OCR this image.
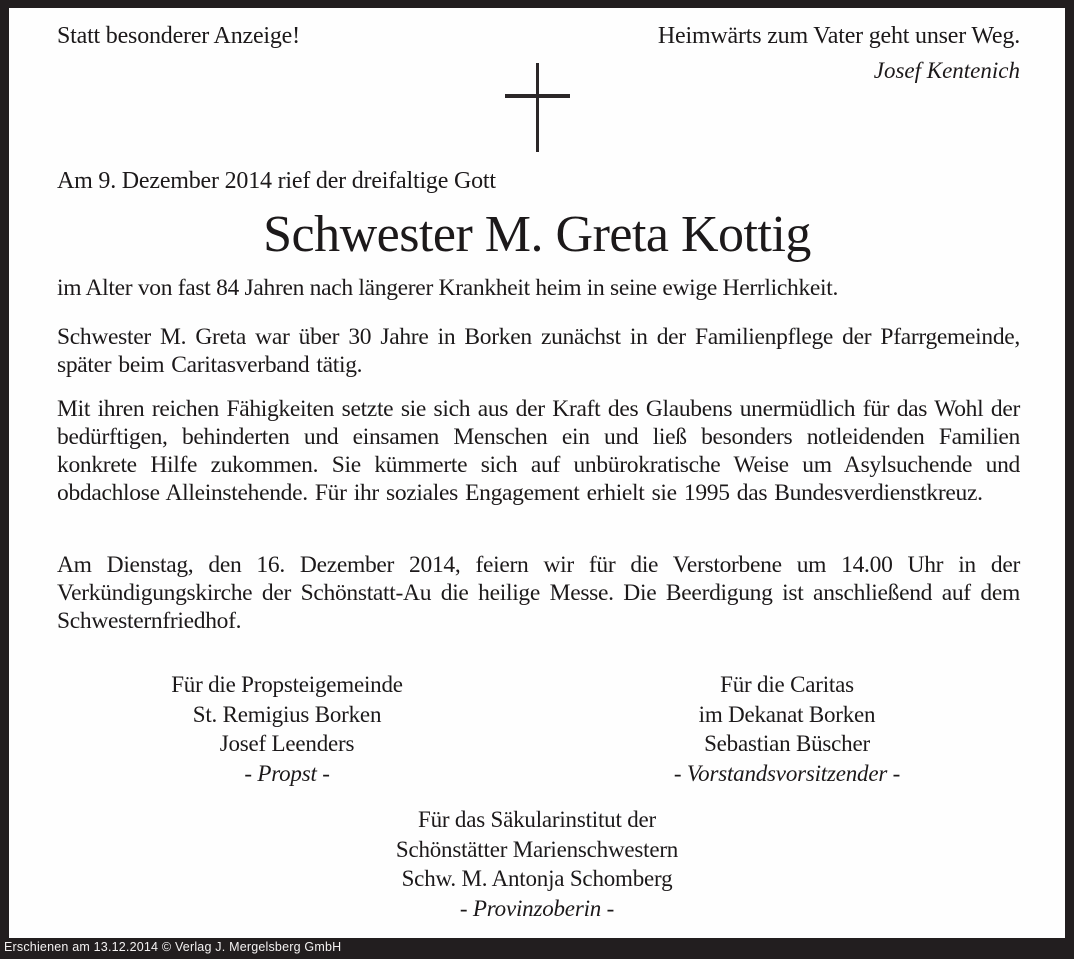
Statt besonderer Anzeige!	Heimwärts zum Vater geht unser Weg.
Josef Kentenich
Am 9. Dezember 2014 rief der dreifaltige Gott
Schwester M. Greta Kottig
im Alter von fast 84 Jahren nach längerer Krankheit heim in seine ewige Herrlichkeit.

Schwester M. Greta war über 30 Jahre in Borken zunächst in der Familienpflege der Pfarrgemeinde, später beim Caritasverband tätig.

Mit ihren reichen Fähigkeiten setzte sie sich aus der Kraft des Glaubens unermüdlich für das Wohl der bedürftigen, behinderten und einsamen Menschen ein und ließ besonders notleidenden Familien konkrete Hilfe zukommen. Sie kümmerte sich auf unbürokratische Weise um Asylsuchende und obdachlose Alleinstehende. Für ihr soziales Engagement erhielt sie 1995 das Bundesverdienstkreuz.

Am Dienstag, den 16. Dezember 2014, feiern wir für die Verstorbene um 14.00 Uhr in der Verkündigungskirche der Schönstatt-Au die heilige Messe. Die Beerdigung ist anschließend auf dem Schwesternfriedhof.

Für die Propsteigemeinde
St. Remigius Borken
Josef Leenders
- Propst -
Für die Caritas
im Dekanat Borken
Sebastian Büscher
- Vorstandsvorsitzender -
Für das Säkularinstitut der
Schönstätter Marienschwestern
Schw. M. Antonja Schomberg
- Provinzoberin -
Erschienen am 13.12.2014 © Verlag J. Mergelsberg GmbH
